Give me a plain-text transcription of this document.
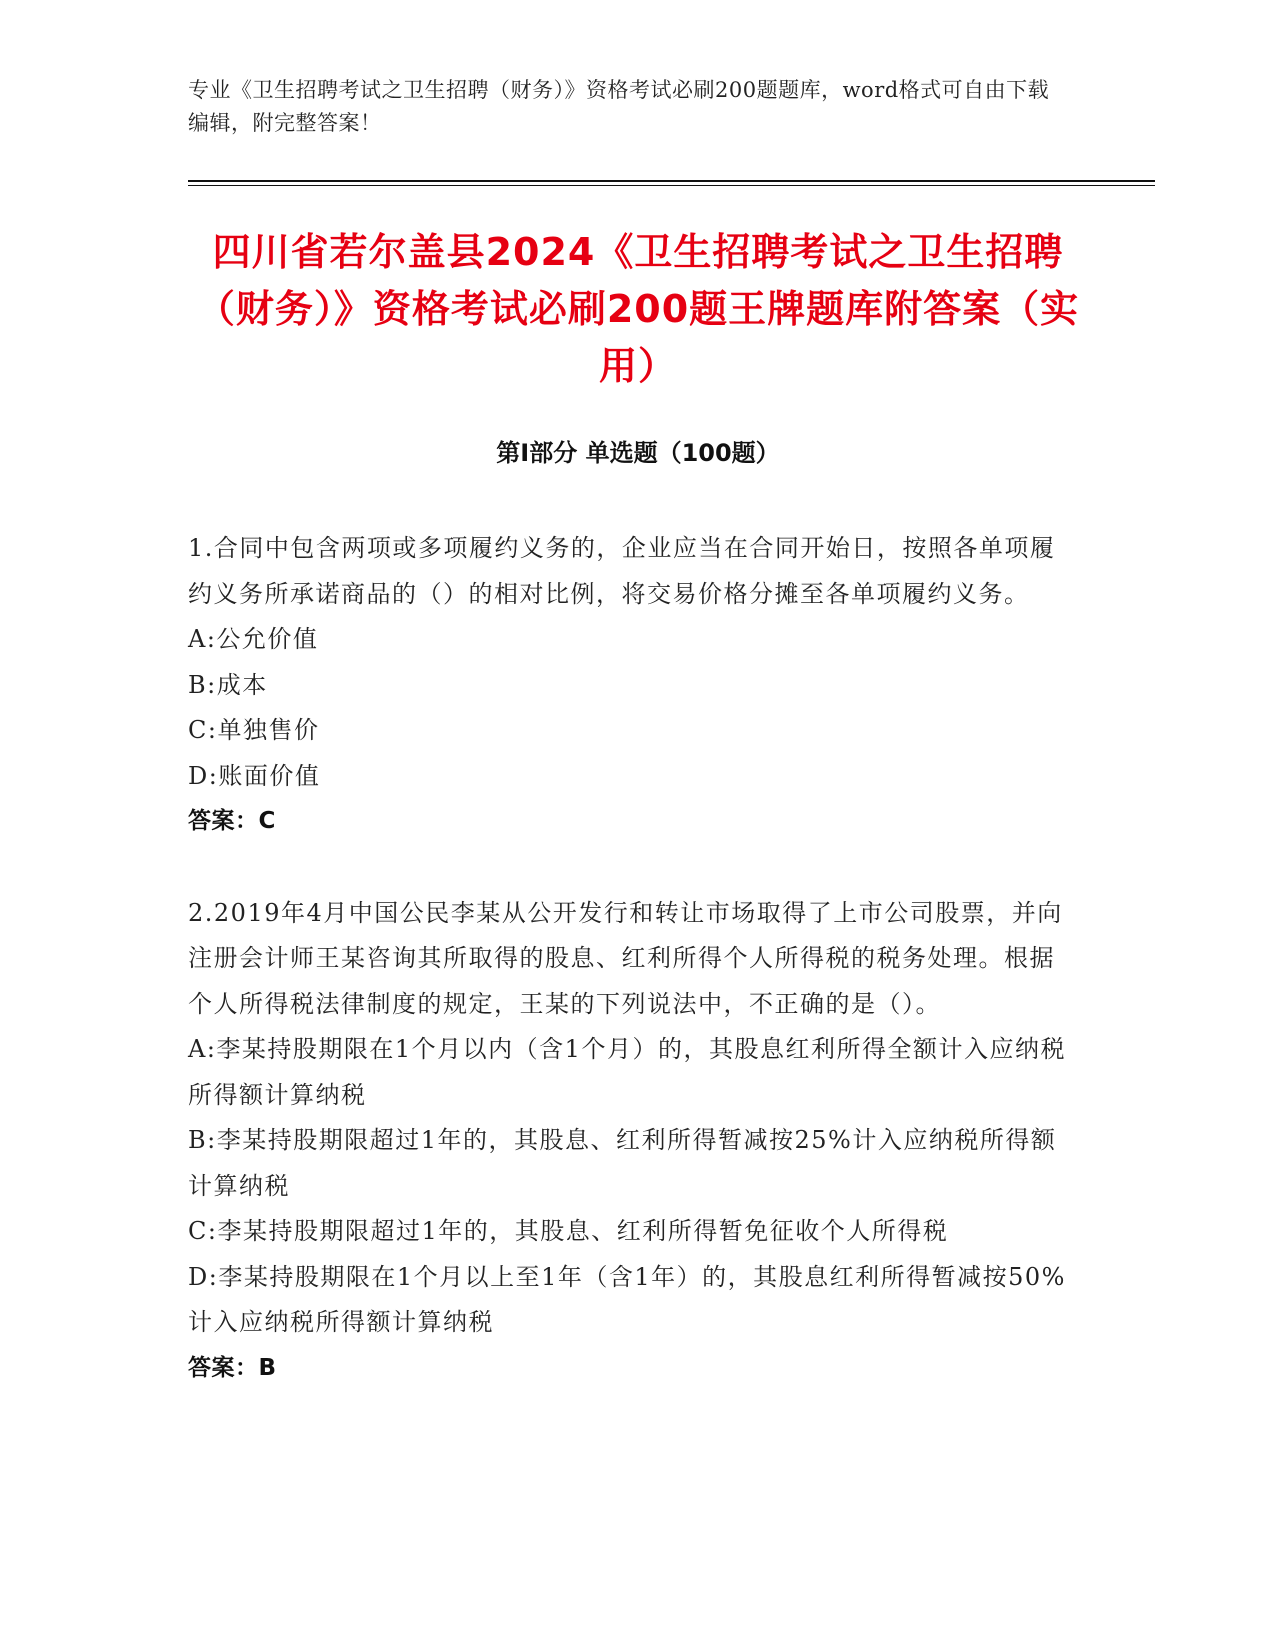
专业《卫生招聘考试之卫生招聘（财务）》资格考试必刷200题题库，word格式可自由下载编辑，附完整答案！
四川省若尔盖县2024《卫生招聘考试之卫生招聘（财务）》资格考试必刷200题王牌题库附答案（实用）
第I部分 单选题（100题）

1.合同中包含两项或多项履约义务的，企业应当在合同开始日，按照各单项履约义务所承诺商品的（）的相对比例，将交易价格分摊至各单项履约义务。

A:公允价值

B:成本

C:单独售价

D:账面价值

答案：C

2.2019年4月中国公民李某从公开发行和转让市场取得了上市公司股票，并向注册会计师王某咨询其所取得的股息、红利所得个人所得税的税务处理。根据个人所得税法律制度的规定，王某的下列说法中，不正确的是（）。

A:李某持股期限在1个月以内（含1个月）的，其股息红利所得全额计入应纳税所得额计算纳税

B:李某持股期限超过1年的，其股息、红利所得暂减按25%计入应纳税所得额计算纳税

C:李某持股期限超过1年的，其股息、红利所得暂免征收个人所得税

D:李某持股期限在1个月以上至1年（含1年）的，其股息红利所得暂减按50%计入应纳税所得额计算纳税

答案：B
